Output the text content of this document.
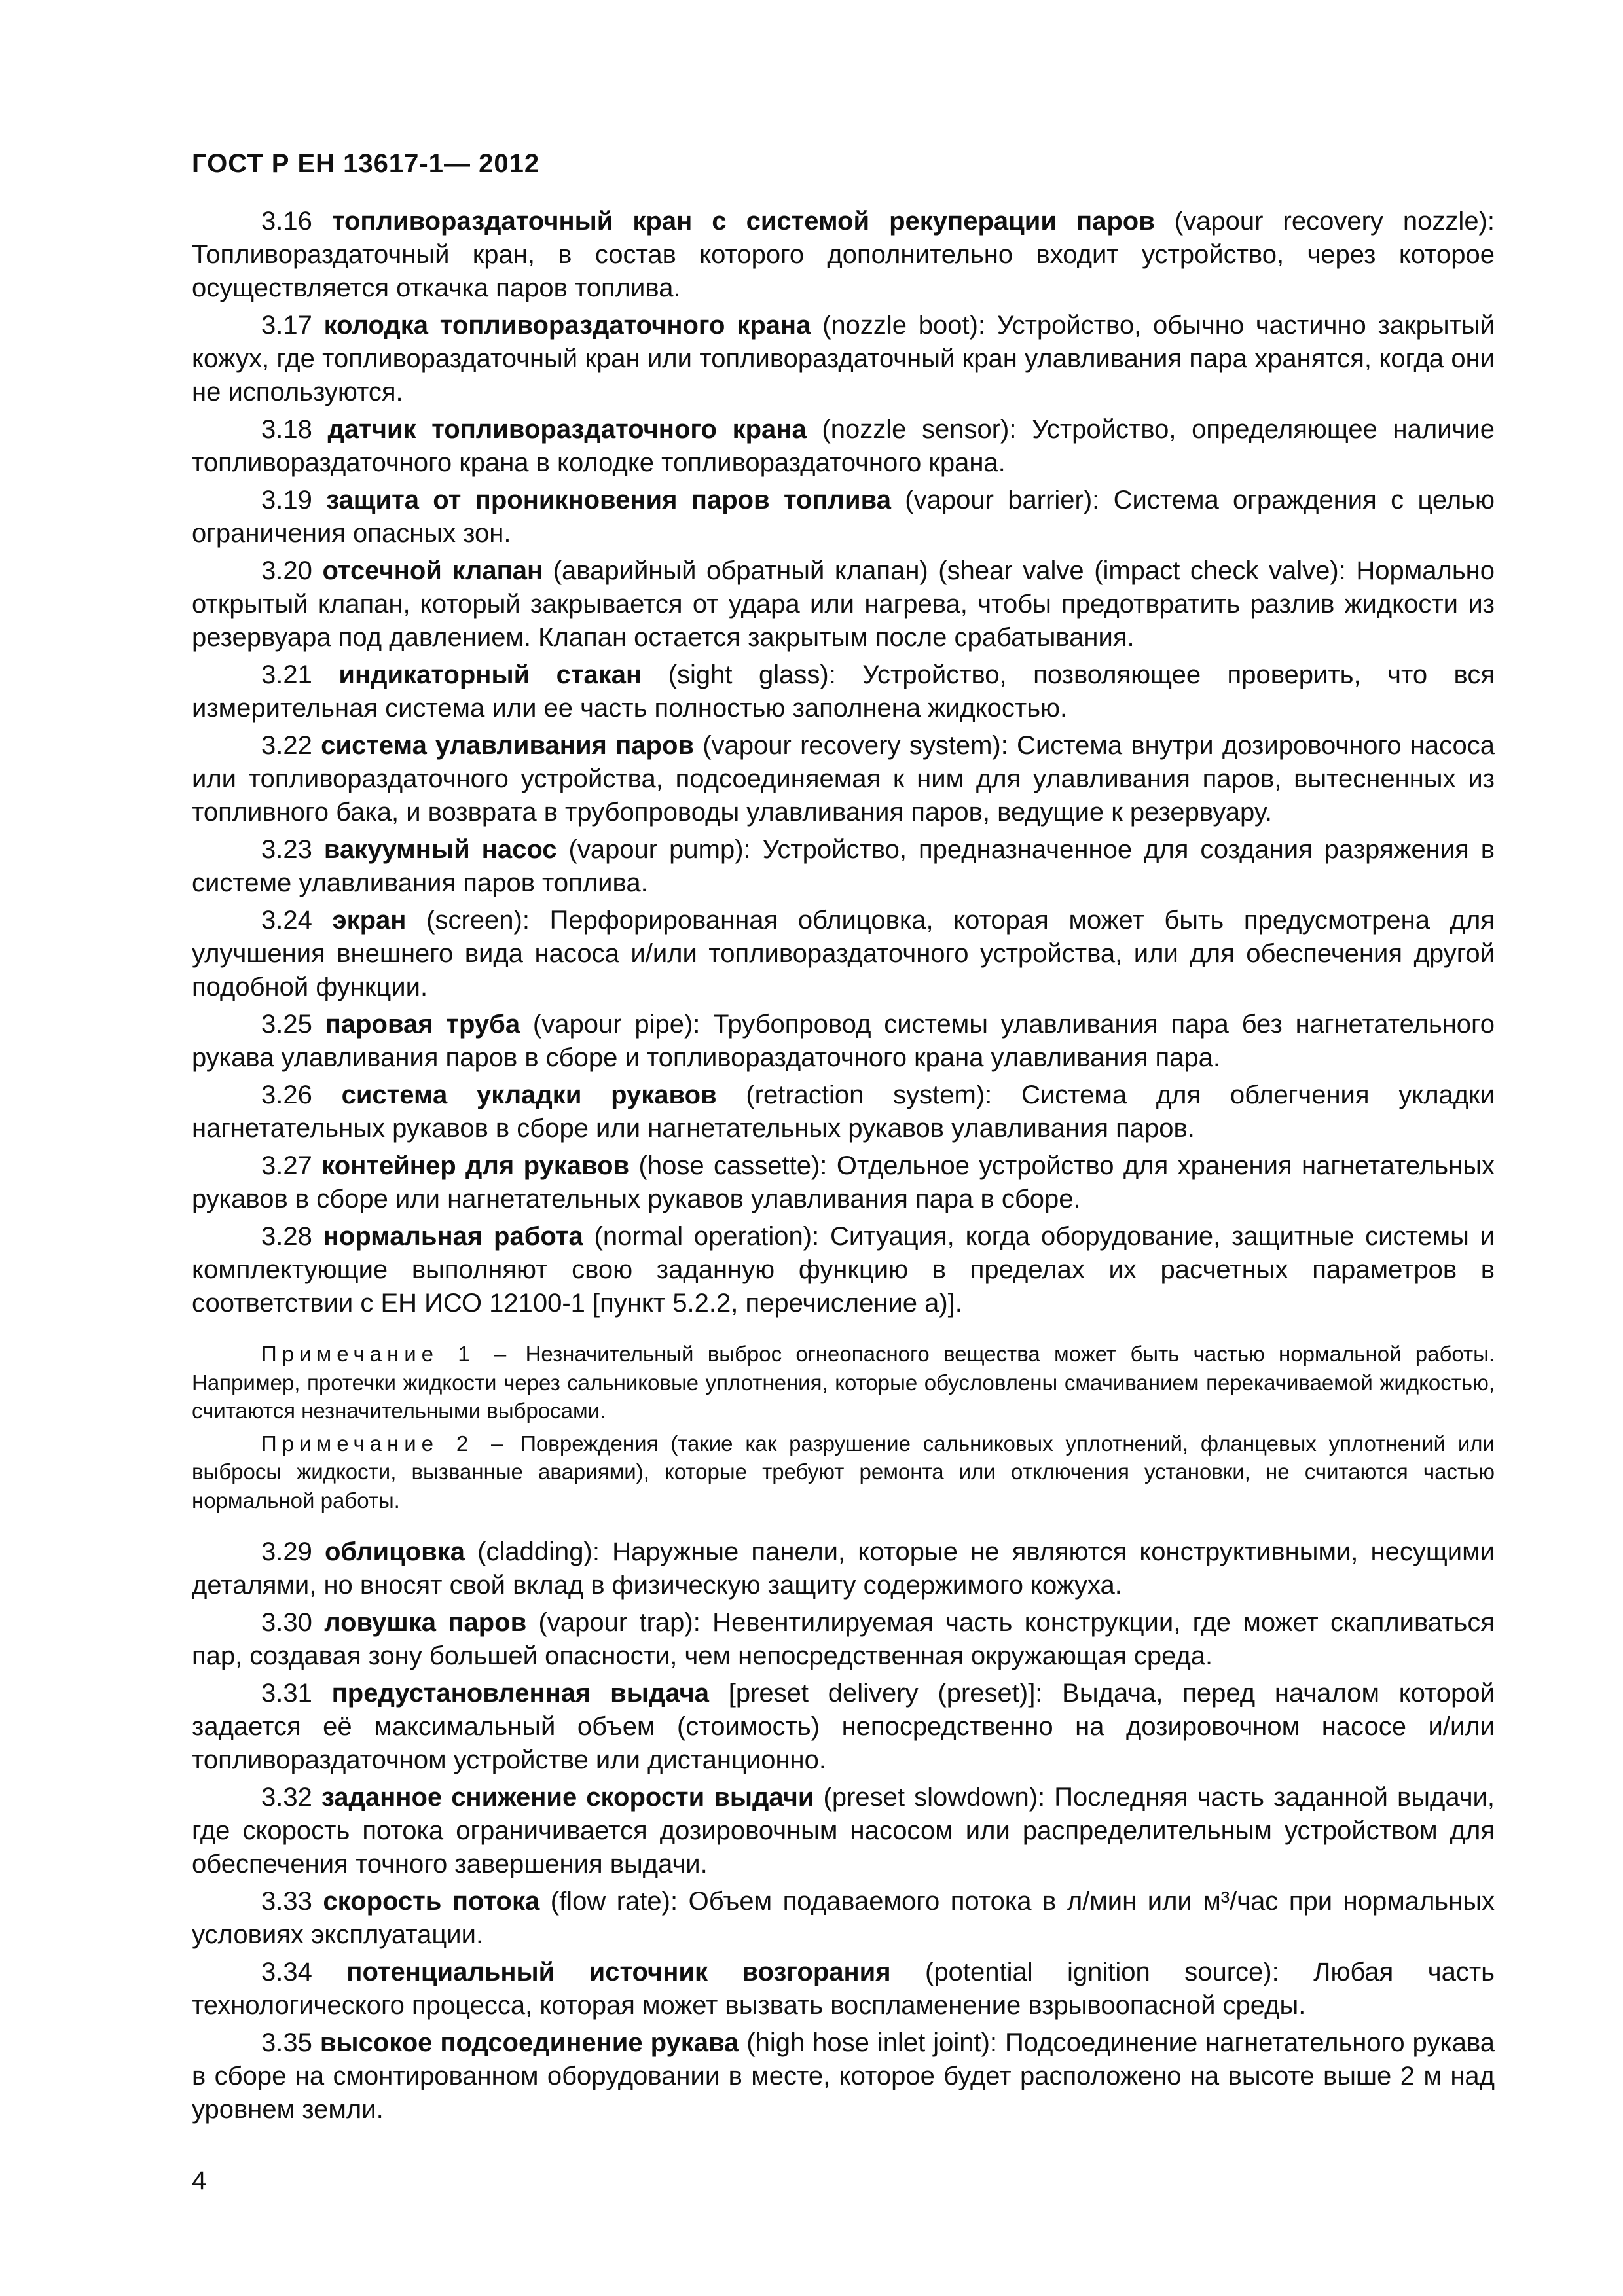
ГОСТ Р ЕН 13617-1— 2012

3.16 топливораздаточный кран с системой рекуперации паров (vapour recovery nozzle): Топливораздаточный кран, в состав которого дополнительно входит устройство, через которое осуществляется откачка паров топлива.

3.17 колодка топливораздаточного крана (nozzle boot): Устройство, обычно частично закрытый кожух, где топливораздаточный кран или топливораздаточный кран улавливания пара хранятся, когда они не используются.

3.18 датчик топливораздаточного крана (nozzle sensor): Устройство, определяющее наличие топливораздаточного крана в колодке топливораздаточного крана.

3.19 защита от проникновения паров топлива (vapour barrier): Система ограждения с целью ограничения опасных зон.

3.20 отсечной клапан (аварийный обратный клапан) (shear valve (impact check valve): Нормально открытый клапан, который закрывается от удара или нагрева, чтобы предотвратить разлив жидкости из резервуара под давлением. Клапан остается закрытым после срабатывания.

3.21 индикаторный стакан (sight glass): Устройство, позволяющее проверить, что вся измерительная система или ее часть полностью заполнена жидкостью.

3.22 система улавливания паров (vapour recovery system): Система внутри дозировочного насоса или топливораздаточного устройства, подсоединяемая к ним для улавливания паров, вытесненных из топливного бака, и возврата в трубопроводы улавливания паров, ведущие к резервуару.

3.23 вакуумный насос (vapour pump): Устройство, предназначенное для создания разряжения в системе улавливания паров топлива.

3.24 экран (screen): Перфорированная облицовка, которая может быть предусмотрена для улучшения внешнего вида насоса и/или топливораздаточного устройства, или для обеспечения другой подобной функции.

3.25 паровая труба (vapour pipe): Трубопровод системы улавливания пара без нагнетательного рукава улавливания паров в сборе и топливораздаточного крана улавливания пара.

3.26 система укладки рукавов (retraction system): Система для облегчения укладки нагнетательных рукавов в сборе или нагнетательных рукавов улавливания паров.

3.27 контейнер для рукавов (hose cassette): Отдельное устройство для хранения нагнетательных рукавов в сборе или нагнетательных рукавов улавливания пара в сборе.

3.28 нормальная работа (normal operation): Ситуация, когда оборудование, защитные системы и комплектующие выполняют свою заданную функцию в пределах их расчетных параметров в соответствии с ЕН ИСО 12100-1 [пункт 5.2.2, перечисление а)].

Примечание 1 – Незначительный выброс огнеопасного вещества может быть частью нормальной работы. Например, протечки жидкости через сальниковые уплотнения, которые обусловлены смачиванием перекачиваемой жидкостью, считаются незначительными выбросами.

Примечание 2 – Повреждения (такие как разрушение сальниковых уплотнений, фланцевых уплотнений или выбросы жидкости, вызванные авариями), которые требуют ремонта или отключения установки, не считаются частью нормальной работы.

3.29 облицовка (cladding): Наружные панели, которые не являются конструктивными, несущими деталями, но вносят свой вклад в физическую защиту содержимого кожуха.

3.30 ловушка паров (vapour trap): Невентилируемая часть конструкции, где может скапливаться пар, создавая зону большей опасности, чем непосредственная окружающая среда.

3.31 предустановленная выдача [preset delivery (preset)]: Выдача, перед началом которой задается её максимальный объем (стоимость) непосредственно на дозировочном насосе и/или топливораздаточном устройстве или дистанционно.

3.32 заданное снижение скорости выдачи (preset slowdown): Последняя часть заданной выдачи, где скорость потока ограничивается дозировочным насосом или распределительным устройством для обеспечения точного завершения выдачи.

3.33 скорость потока (flow rate): Объем подаваемого потока в л/мин или м³/час при нормальных условиях эксплуатации.

3.34 потенциальный источник возгорания (potential ignition source): Любая часть технологического процесса, которая может вызвать воспламенение взрывоопасной среды.

3.35 высокое подсоединение рукава (high hose inlet joint): Подсоединение нагнетательного рукава в сборе на смонтированном оборудовании в месте, которое будет расположено на высоте выше 2 м над уровнем земли.

4
